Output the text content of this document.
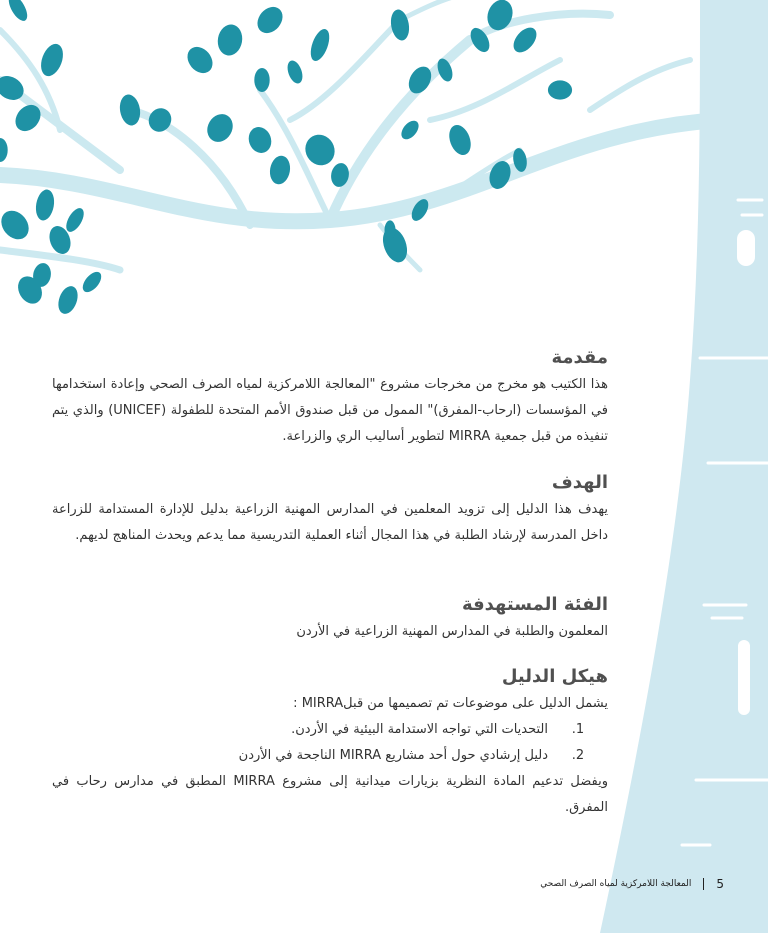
مقدمة

هذا الكتيب هو مخرج من مخرجات مشروع "المعالجة اللامركزية لمياه الصرف الصحي وإعادة استخدامها في المؤسسات (ارحاب-المفرق)" الممول من قبل صندوق الأمم المتحدة للطفولة (UNICEF) والذي يتم تنفيذه من قبل جمعية MIRRA لتطوير أساليب الري والزراعة.

الهدف

يهدف هذا الدليل إلى تزويد المعلمين في المدارس المهنية الزراعية بدليل للإدارة المستدامة للزراعة داخل المدرسة لإرشاد الطلبة في هذا المجال أثناء العملية التدريسية مما يدعم ويحدث المناهج لديهم.

الفئة المستهدفة

المعلمون والطلبة في المدارس المهنية الزراعية في الأردن

هيكل الدليل

يشمل الدليل على موضوعات تم تصميمها من قبلMIRRA :

1.التحديات التي تواجه الاستدامة البيئية في الأردن.
2.دليل إرشادي حول أحد مشاريع MIRRA الناجحة في الأردن

ويفضل تدعيم المادة النظرية بزيارات ميدانية إلى مشروع MIRRA المطبق في مدارس رحاب في المفرق.

5
المعالجة اللامركزية لمياه الصرف الصحي
